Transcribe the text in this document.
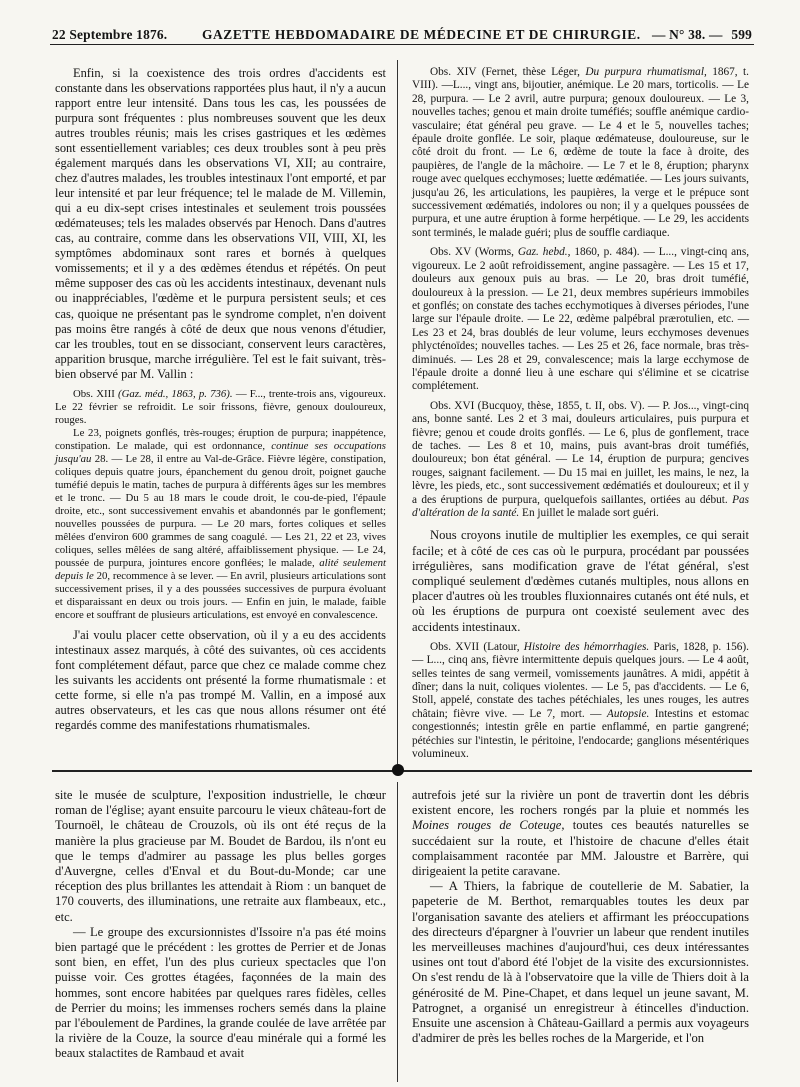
22 Septembre 1876.	GAZETTE HEBDOMADAIRE DE MÉDECINE ET DE CHIRURGIE. — N° 38. — 599

Enfin, si la coexistence des trois ordres d'accidents est constante dans les observations rapportées plus haut, il n'y a aucun rapport entre leur intensité. Dans tous les cas, les poussées de purpura sont fréquentes : plus nombreuses souvent que les deux autres troubles réunis; mais les crises gastriques et les œdèmes sont essentiellement variables; ces deux troubles sont à peu près également marqués dans les observations VI, XII; au contraire, chez d'autres malades, les troubles intestinaux l'ont emporté, et par leur intensité et par leur fréquence; tel le malade de M. Villemin, qui a eu dix-sept crises intestinales et seulement trois poussées œdémateuses; tels les malades observés par Henoch. Dans d'autres cas, au contraire, comme dans les observations VII, VIII, XI, les symptômes abdominaux sont rares et bornés à quelques vomissements; et il y a des œdèmes étendus et répétés. On peut même supposer des cas où les accidents intestinaux, devenant nuls ou inappréciables, l'œdème et le purpura persistent seuls; et ces cas, quoique ne présentant pas le syndrome complet, n'en doivent pas moins être rangés à côté de deux que nous venons d'étudier, car les troubles, tout en se dissociant, conservent leurs caractères, apparition brusque, marche irrégulière. Tel est le fait suivant, très-bien observé par M. Vallin :

Obs. XIII (Gaz. méd., 1863, p. 736). — F..., trente-trois ans, vigoureux. Le 22 février se refroidit. Le soir frissons, fièvre, genoux douloureux, rouges.

Le 23, poignets gonflés, très-rouges; éruption de purpura; inappétence, constipation. Le malade, qui est ordonnance, continue ses occupations jusqu'au 28. — Le 28, il entre au Val-de-Grâce. Fièvre légère, constipation, coliques depuis quatre jours, épanchement du genou droit, poignet gauche tuméfié depuis le matin, taches de purpura à différents âges sur les membres et le tronc. — Du 5 au 18 mars le coude droit, le cou-de-pied, l'épaule droite, etc., sont successivement envahis et abandonnés par le gonflement; nouvelles poussées de purpura. — Le 20 mars, fortes coliques et selles mêlées d'environ 600 grammes de sang coagulé. — Les 21, 22 et 23, vives coliques, selles mêlées de sang altéré, affaiblissement physique. — Le 24, poussée de purpura, jointures encore gonflées; le malade, alité seulement depuis le 20, recommence à se lever. — En avril, plusieurs articulations sont successivement prises, il y a des poussées successives de purpura évoluant et disparaissant en deux ou trois jours. — Enfin en juin, le malade, faible encore et souffrant de plusieurs articulations, est envoyé en convalescence.

J'ai voulu placer cette observation, où il y a eu des accidents intestinaux assez marqués, à côté des suivantes, où ces accidents font complétement défaut, parce que chez ce malade comme chez les suivants les accidents ont présenté la forme rhumatismale : et cette forme, si elle n'a pas trompé M. Vallin, en a imposé aux autres observateurs, et les cas que nous allons résumer ont été regardés comme des manifestations rhumatismales.

Obs. XIV (Fernet, thèse Léger, Du purpura rhumatismal, 1867, t. VIII). —L..., vingt ans, bijoutier, anémique. Le 20 mars, torticolis. — Le 28, purpura. — Le 2 avril, autre purpura; genoux douloureux. — Le 3, nouvelles taches; genou et main droite tuméfiés; souffle anémique cardio-vasculaire; état général peu grave. — Le 4 et le 5, nouvelles taches; épaule droite gonflée. Le soir, plaque œdémateuse, douloureuse, sur le côté droit du front. — Le 6, œdème de toute la face à droite, des paupières, de l'angle de la mâchoire. — Le 7 et le 8, éruption; pharynx rouge avec quelques ecchymoses; luette œdématiée. — Les jours suivants, jusqu'au 26, les articulations, les paupières, la verge et le prépuce sont successivement œdématiés, indolores ou non; il y a quelques poussées de purpura, et une autre éruption à forme herpétique. — Le 29, les accidents sont terminés, le malade guéri; plus de souffle cardiaque.

Obs. XV (Worms, Gaz. hebd., 1860, p. 484). — L..., vingt-cinq ans, vigoureux. Le 2 août refroidissement, angine passagère. — Les 15 et 17, douleurs aux genoux puis au bras. — Le 20, bras droit tuméfié, douloureux à la pression. — Le 21, deux membres supérieurs immobiles et gonflés; on constate des taches ecchymotiques à diverses périodes, l'une large sur l'épaule droite. — Le 22, œdème palpébral prærotulien, etc. — Les 23 et 24, bras doublés de leur volume, leurs ecchymoses devenues phlycténoïdes; nouvelles taches. — Les 25 et 26, face normale, bras très-diminués. — Les 28 et 29, convalescence; mais la large ecchymose de l'épaule droite a donné lieu à une eschare qui s'élimine et se cicatrise complétement.

Obs. XVI (Bucquoy, thèse, 1855, t. II, obs. V). — P. Jos..., vingt-cinq ans, bonne santé. Les 2 et 3 mai, douleurs articulaires, puis purpura et fièvre; genou et coude droits gonflés. — Le 6, plus de gonflement, trace de taches. — Les 8 et 10, mains, puis avant-bras droit tuméfiés, douloureux; bon état général. — Le 14, éruption de purpura; gencives rouges, saignant facilement. — Du 15 mai en juillet, les mains, le nez, la lèvre, les pieds, etc., sont successivement œdématiés et douloureux; et il y a des éruptions de purpura, quelquefois saillantes, ortiées au début. Pas d'altération de la santé. En juillet le malade sort guéri.

Nous croyons inutile de multiplier les exemples, ce qui serait facile; et à côté de ces cas où le purpura, procédant par poussées irrégulières, sans modification grave de l'état général, s'est compliqué seulement d'œdèmes cutanés multiples, nous allons en placer d'autres où les troubles fluxionnaires cutanés ont été nuls, et où les éruptions de purpura ont coexisté seulement avec des accidents intestinaux.

Obs. XVII (Latour, Histoire des hémorrhagies. Paris, 1828, p. 156). — L..., cinq ans, fièvre intermittente depuis quelques jours. — Le 4 août, selles teintes de sang vermeil, vomissements jaunâtres. A midi, appétit à dîner; dans la nuit, coliques violentes. — Le 5, pas d'accidents. — Le 6, Stoll, appelé, constate des taches pétéchiales, les unes rouges, les autres châtain; fièvre vive. — Le 7, mort. — Autopsie. Intestins et estomac congestionnés; intestin grêle en partie enflammé, en partie gangrené; pétéchies sur l'intestin, le péritoine, l'endocarde; ganglions mésentériques volumineux.

site le musée de sculpture, l'exposition industrielle, le chœur roman de l'église; ayant ensuite parcouru le vieux château-fort de Tournoël, le château de Crouzols, où ils ont été reçus de la manière la plus gracieuse par M. Boudet de Bardou, ils n'ont eu que le temps d'admirer au passage les plus belles gorges d'Auvergne, celles d'Enval et du Bout-du-Monde; car une réception des plus brillantes les attendait à Riom : un banquet de 170 couverts, des illuminations, une retraite aux flambeaux, etc., etc.

— Le groupe des excursionnistes d'Issoire n'a pas été moins bien partagé que le précédent : les grottes de Perrier et de Jonas sont bien, en effet, l'un des plus curieux spectacles que l'on puisse voir. Ces grottes étagées, façonnées de la main des hommes, sont encore habitées par quelques rares fidèles, celles de Perrier du moins; les immenses rochers semés dans la plaine par l'éboulement de Pardines, la grande coulée de lave arrêtée par la rivière de la Couze, la source d'eau minérale qui a formé les beaux stalactites de Rambaud et avait

autrefois jeté sur la rivière un pont de travertin dont les débris existent encore, les rochers rongés par la pluie et nommés les Moines rouges de Coteuge, toutes ces beautés naturelles se succédaient sur la route, et l'histoire de chacune d'elles était complaisamment racontée par MM. Jaloustre et Barrère, qui dirigeaient la petite caravane.

— A Thiers, la fabrique de coutellerie de M. Sabatier, la papeterie de M. Berthot, remarquables toutes les deux par l'organisation savante des ateliers et affirmant les préoccupations des directeurs d'épargner à l'ouvrier un labeur que rendent inutiles les merveilleuses machines d'aujourd'hui, ces deux intéressantes usines ont tout d'abord été l'objet de la visite des excursionnistes. On s'est rendu de là à l'observatoire que la ville de Thiers doit à la générosité de M. Pine-Chapet, et dans lequel un jeune savant, M. Patrognet, a organisé un enregistreur à étincelles d'induction. Ensuite une ascension à Château-Gaillard a permis aux voyageurs d'admirer de près les belles roches de la Margeride, et l'on
